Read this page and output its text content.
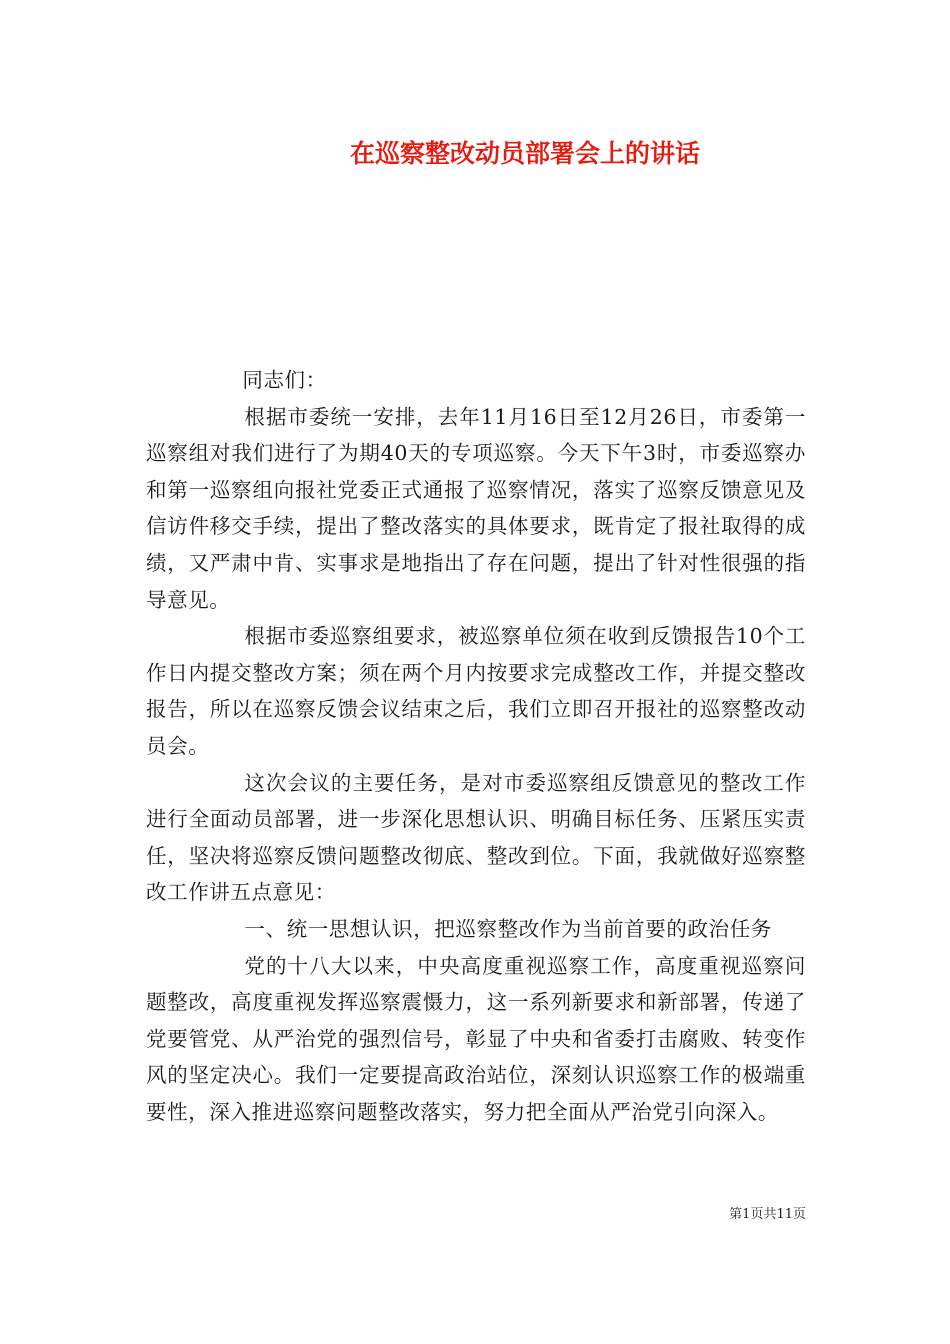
在巡察整改动员部署会上的讲话

同志们：

根据市委统一安排，去年11月16日至12月26日，市委第一巡察组对我们进行了为期40天的专项巡察。今天下午3时，市委巡察办和第一巡察组向报社党委正式通报了巡察情况，落实了巡察反馈意见及信访件移交手续，提出了整改落实的具体要求，既肯定了报社取得的成绩，又严肃中肯、实事求是地指出了存在问题，提出了针对性很强的指导意见。

根据市委巡察组要求，被巡察单位须在收到反馈报告10个工作日内提交整改方案；须在两个月内按要求完成整改工作，并提交整改报告，所以在巡察反馈会议结束之后，我们立即召开报社的巡察整改动员会。

这次会议的主要任务，是对市委巡察组反馈意见的整改工作进行全面动员部署，进一步深化思想认识、明确目标任务、压紧压实责任，坚决将巡察反馈问题整改彻底、整改到位。下面，我就做好巡察整改工作讲五点意见：

一、统一思想认识，把巡察整改作为当前首要的政治任务

党的十八大以来，中央高度重视巡察工作，高度重视巡察问题整改，高度重视发挥巡察震慑力，这一系列新要求和新部署，传递了党要管党、从严治党的强烈信号，彰显了中央和省委打击腐败、转变作风的坚定决心。我们一定要提高政治站位，深刻认识巡察工作的极端重要性，深入推进巡察问题整改落实，努力把全面从严治党引向深入。

第1页共11页
